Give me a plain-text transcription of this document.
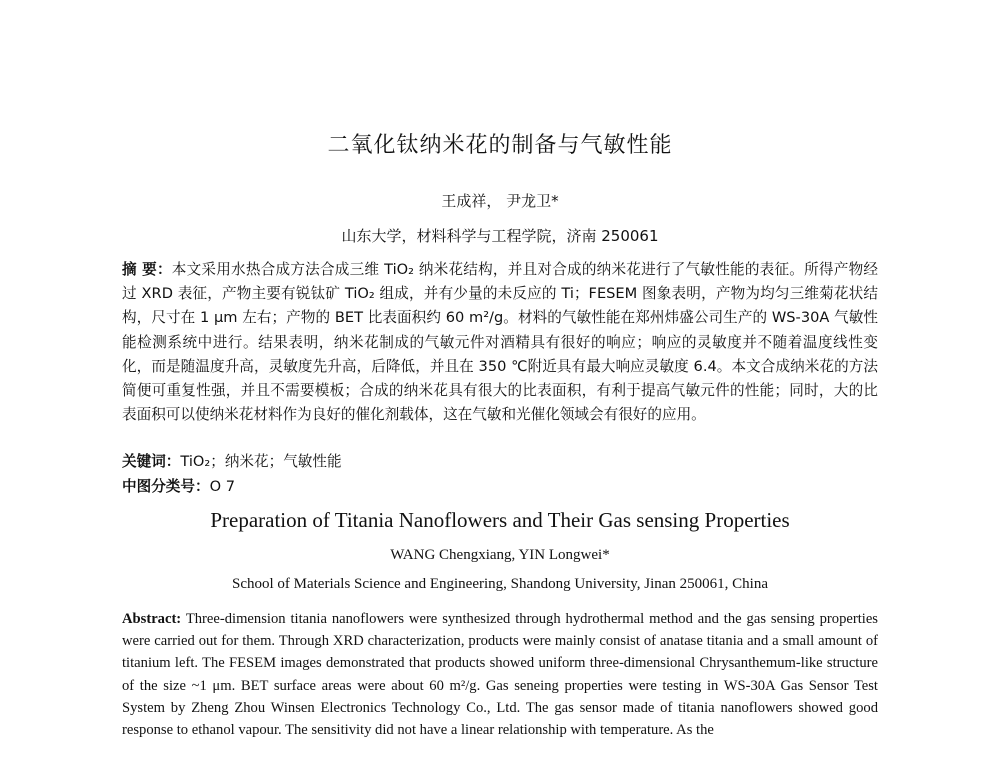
二氧化钛纳米花的制备与气敏性能
王成祥， 尹龙卫*
山东大学，材料科学与工程学院，济南 250061
摘 要：本文采用水热合成方法合成三维 TiO₂ 纳米花结构，并且对合成的纳米花进行了气敏性能的表征。所得产物经过 XRD 表征，产物主要有锐钛矿 TiO₂ 组成，并有少量的未反应的 Ti；FESEM 图象表明，产物为均匀三维菊花状结构，尺寸在 1 μm 左右；产物的 BET 比表面积约 60 m²/g。材料的气敏性能在郑州炜盛公司生产的 WS-30A 气敏性能检测系统中进行。结果表明，纳米花制成的气敏元件对酒精具有很好的响应；响应的灵敏度并不随着温度线性变化，而是随温度升高，灵敏度先升高，后降低，并且在 350 ℃附近具有最大响应灵敏度 6.4。本文合成纳米花的方法简便可重复性强，并且不需要模板；合成的纳米花具有很大的比表面积，有利于提高气敏元件的性能；同时，大的比表面积可以使纳米花材料作为良好的催化剂载体，这在气敏和光催化领域会有很好的应用。
关键词：TiO₂；纳米花；气敏性能
中图分类号：O 7
Preparation of Titania Nanoflowers and Their Gas sensing Properties
WANG Chengxiang, YIN Longwei*
School of Materials Science and Engineering, Shandong University, Jinan 250061, China
Abstract: Three-dimension titania nanoflowers were synthesized through hydrothermal method and the gas sensing properties were carried out for them. Through XRD characterization, products were mainly consist of anatase titania and a small amount of titanium left. The FESEM images demonstrated that products showed uniform three-dimensional Chrysanthemum-like structure of the size ~1 μm. BET surface areas were about 60 m²/g. Gas seneing properties were testing in WS-30A Gas Sensor Test System by Zheng Zhou Winsen Electronics Technology Co., Ltd. The gas sensor made of titania nanoflowers showed good response to ethanol vapour. The sensitivity did not have a linear relationship with temperature. As the
